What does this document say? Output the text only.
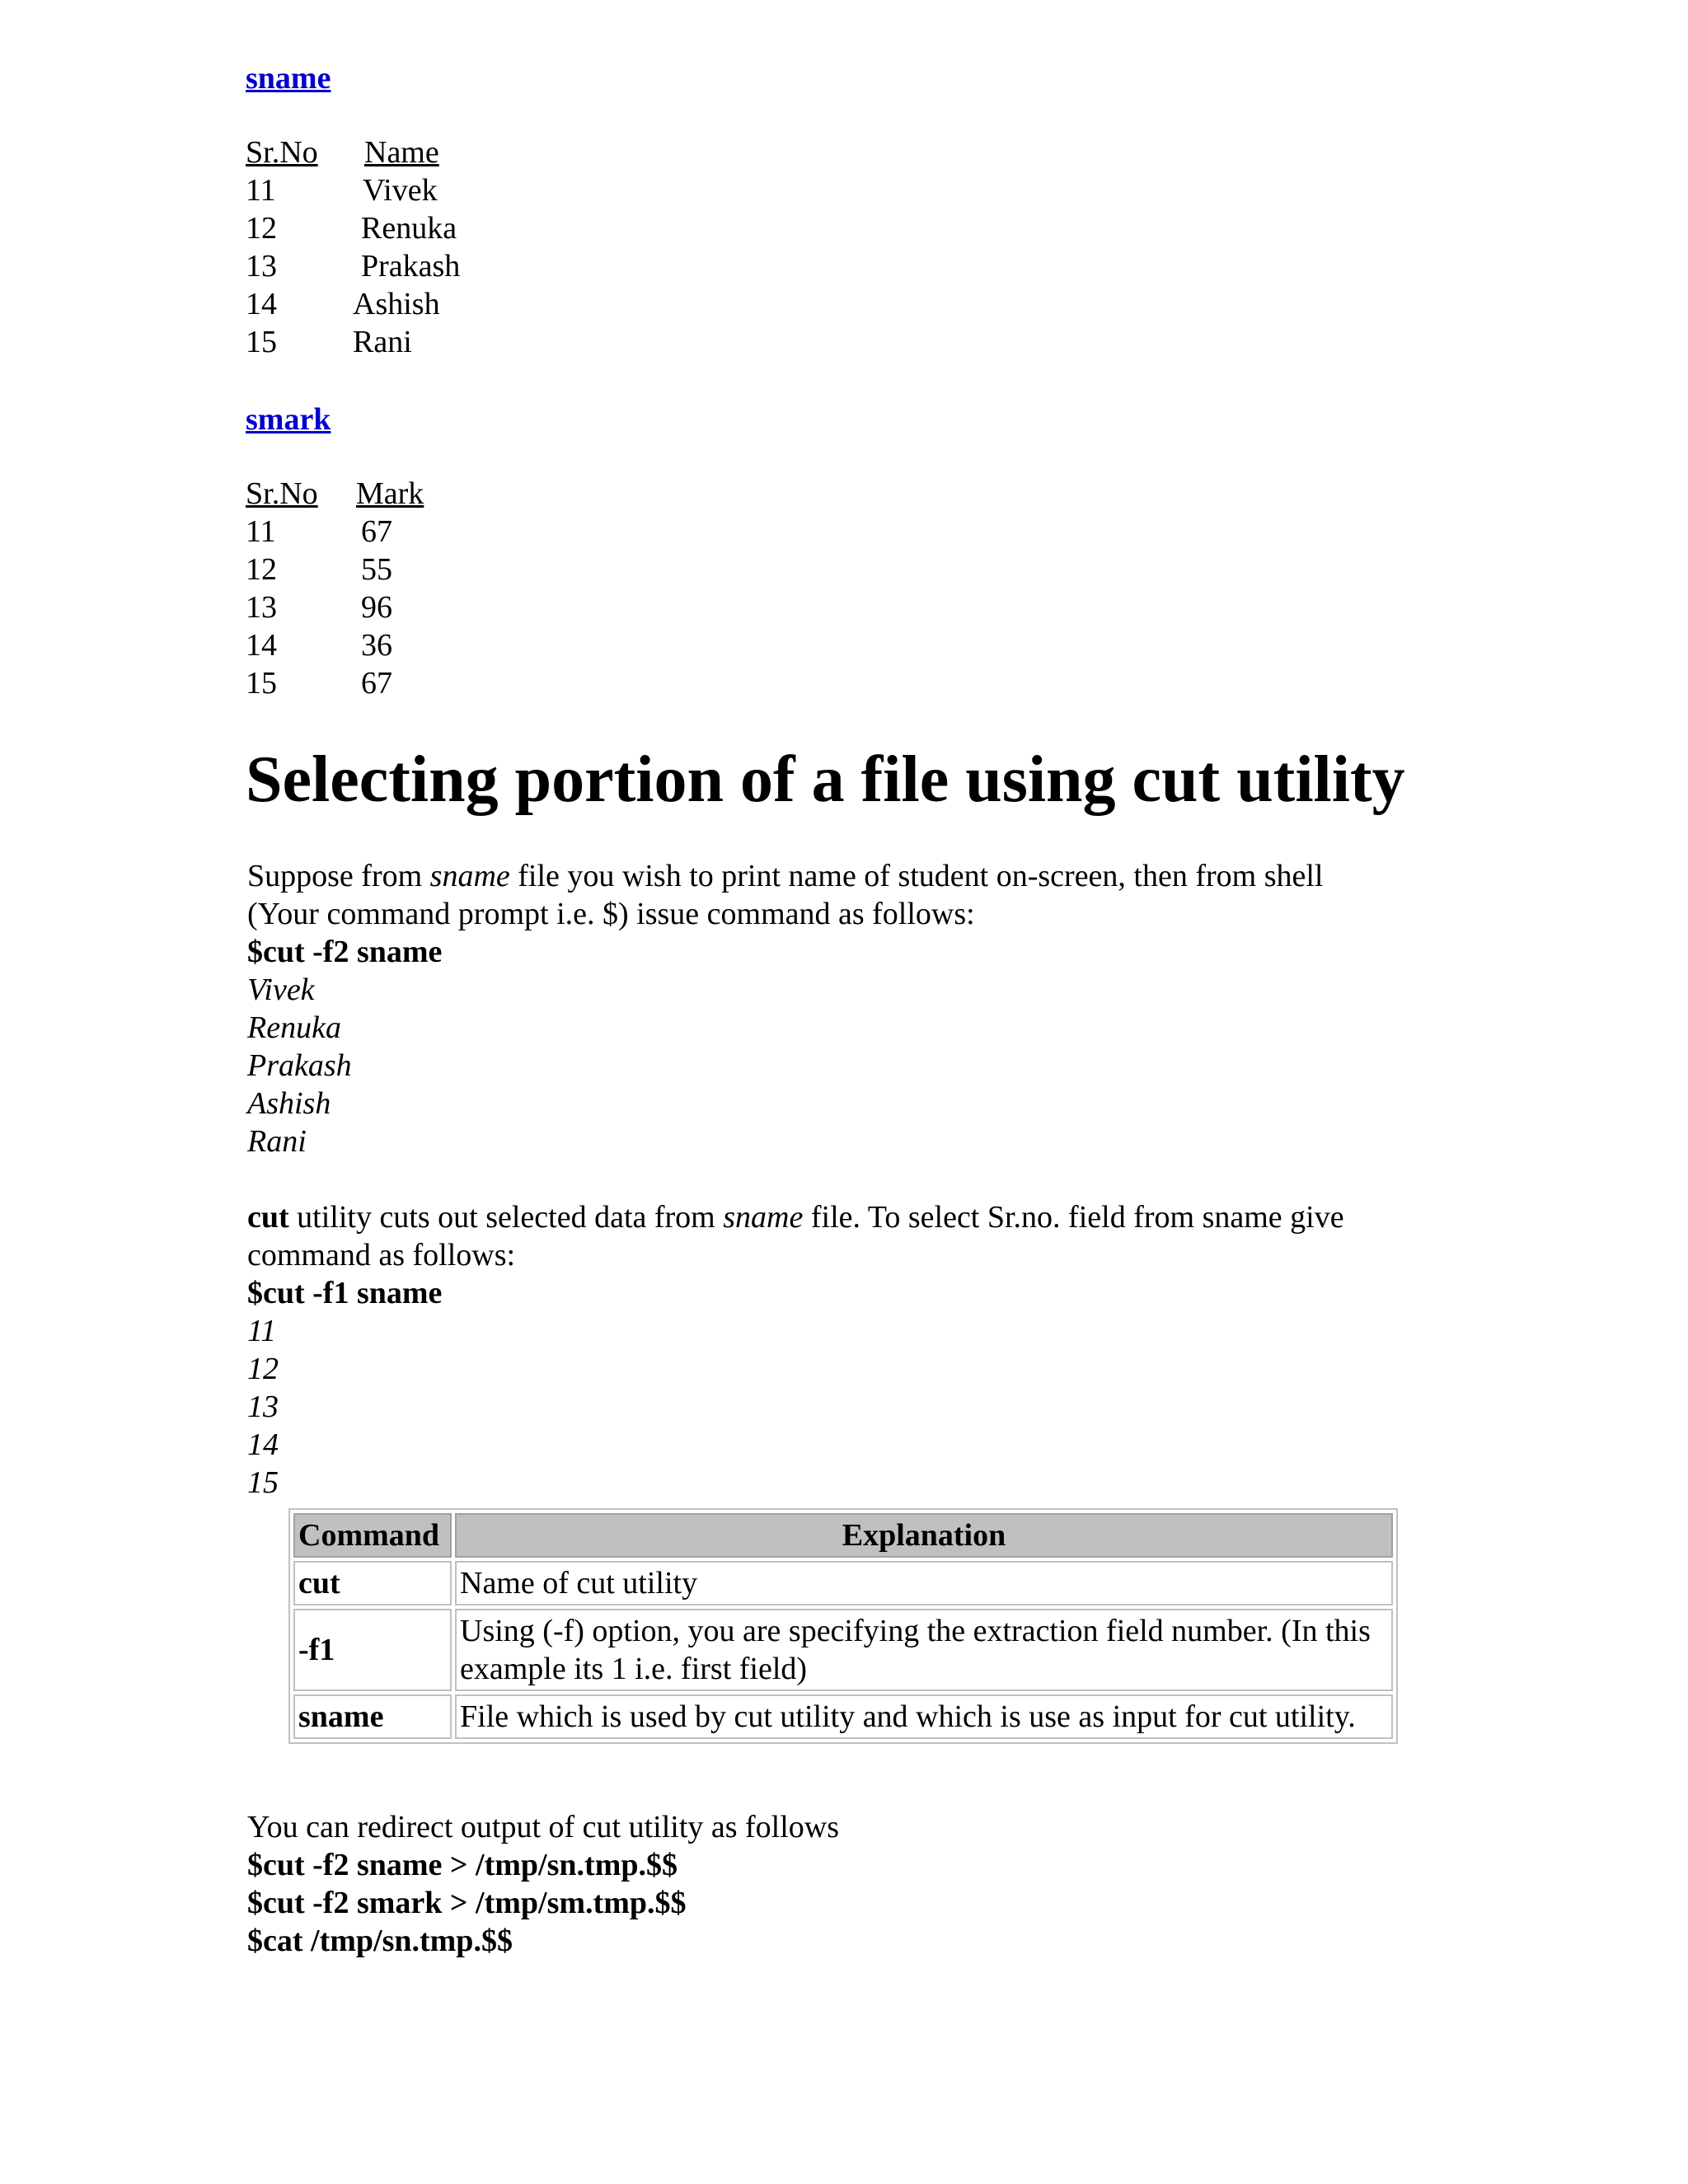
sname
Sr.No Name
11	Vivek
12	Renuka
13	Prakash
14 Ashish
15 Rani
smark
Sr.No Mark
11	67
12	55
13	96
14	36
15	67
Selecting portion of a file using cut utility
Suppose from sname file you wish to print name of student on-screen, then from shell
(Your command prompt i.e. $) issue command as follows:
$cut -f2 sname
Vivek
Renuka
Prakash
Ashish
Rani
cut utility cuts out selected data from sname file. To select Sr.no. field from sname give
command as follows:
$cut -f1 sname
11
12
13
14
15
Command	Explanation
cut	Name of cut utility
-f1	Using (-f) option, you are specifying the extraction field number. (In this example its 1 i.e. first field)
sname	File which is used by cut utility and which is use as input for cut utility.
You can redirect output of cut utility as follows
$cut -f2 sname > /tmp/sn.tmp.$$
$cut -f2 smark > /tmp/sm.tmp.$$
$cat /tmp/sn.tmp.$$
